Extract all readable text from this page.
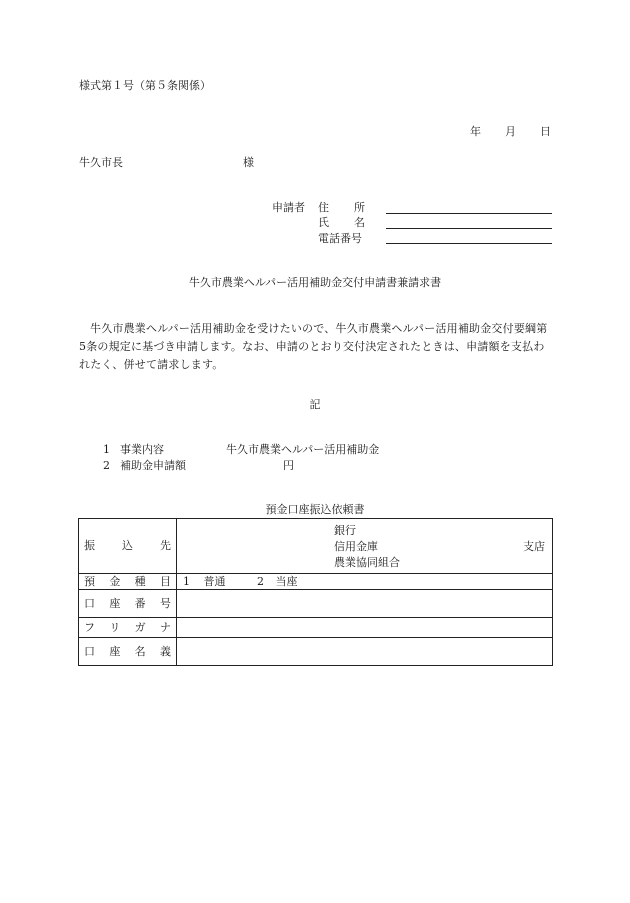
様式第１号（第５条関係）
年 月 日
牛久市長	様
申請者 住 所
氏 名
電話番号
牛久市農業ヘルパー活用補助金交付申請書兼請求書
牛久市農業ヘルパー活用補助金を受けたいので、牛久市農業ヘルパー活用補助金交付要綱第5条の規定に基づき申請します。なお、申請のとおり交付決定されたときは、申請額を支払われたく、併せて請求します。
記
1 事業内容	牛久市農業ヘルパー活用補助金
2 補助金申請額	円
預金口座振込依頼書
振 込 先	銀行
信用金庫
農業協同組合
支店

預 金 種 目	1 普通 2 当座

口 座 番 号	

フ リ ガ ナ	

口 座 名 義	
